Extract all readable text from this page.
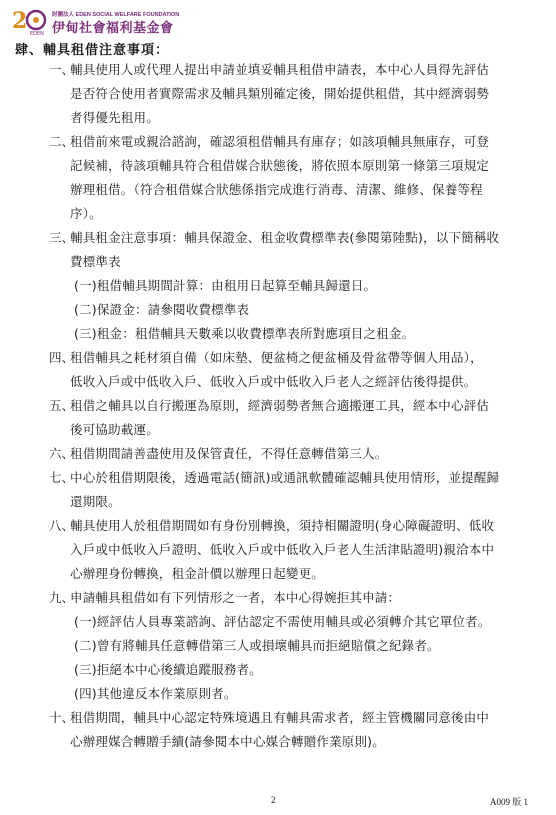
2 EDEN
財團法人 EDEN SOCIAL WELFARE FOUNDATION
伊甸社會福利基金會
肆、輔具租借注意事項：
一、
輔具使用人或代理人提出申請並填妥輔具租借申請表，本中心人員得先評估
是否符合使用者實際需求及輔具類別確定後，開始提供租借，其中經濟弱勢
者得優先租用。
二、
租借前來電或親洽諮詢，確認須租借輔具有庫存；如該項輔具無庫存，可登
記候補，待該項輔具符合租借媒合狀態後，將依照本原則第一條第三項規定
辦理租借。（符合租借媒合狀態係指完成進行消毒、清潔、維修、保養等程
序）。
三、
輔具租金注意事項：輔具保證金、租金收費標準表(參閱第陸點)，以下簡稱收
費標準表
(一)租借輔具期間計算：由租用日起算至輔具歸還日。
(二)保證金：請參閱收費標準表
(三)租金：租借輔具天數乘以收費標準表所對應項目之租金。
四、
租借輔具之耗材須自備（如床墊、便盆椅之便盆桶及骨盆帶等個人用品），
低收入戶或中低收入戶、低收入戶或中低收入戶老人之經評估後得提供。
五、
租借之輔具以自行搬運為原則，經濟弱勢者無合適搬運工具，經本中心評估
後可協助載運。
六、
租借期間請善盡使用及保管責任，不得任意轉借第三人。
七、
中心於租借期限後，透過電話(簡訊)或通訊軟體確認輔具使用情形，並提醒歸
還期限。
八、
輔具使用人於租借期間如有身份別轉換，須持相關證明(身心障礙證明、低收
入戶或中低收入戶證明、低收入戶或中低收入戶老人生活津貼證明)親洽本中
心辦理身份轉換，租金計價以辦理日起變更。
九、
申請輔具租借如有下列情形之一者，本中心得婉拒其申請：
(一)經評估人員專業諮詢、評估認定不需使用輔具或必須轉介其它單位者。
(二)曾有將輔具任意轉借第三人或損壞輔具而拒絕賠償之紀錄者。
(三)拒絕本中心後續追蹤服務者。
(四)其他違反本作業原則者。
十、
租借期間，輔具中心認定特殊境遇且有輔具需求者，經主管機關同意後由中
心辦理媒合轉贈手續(請參閱本中心媒合轉贈作業原則)。
2	A009 版 1
